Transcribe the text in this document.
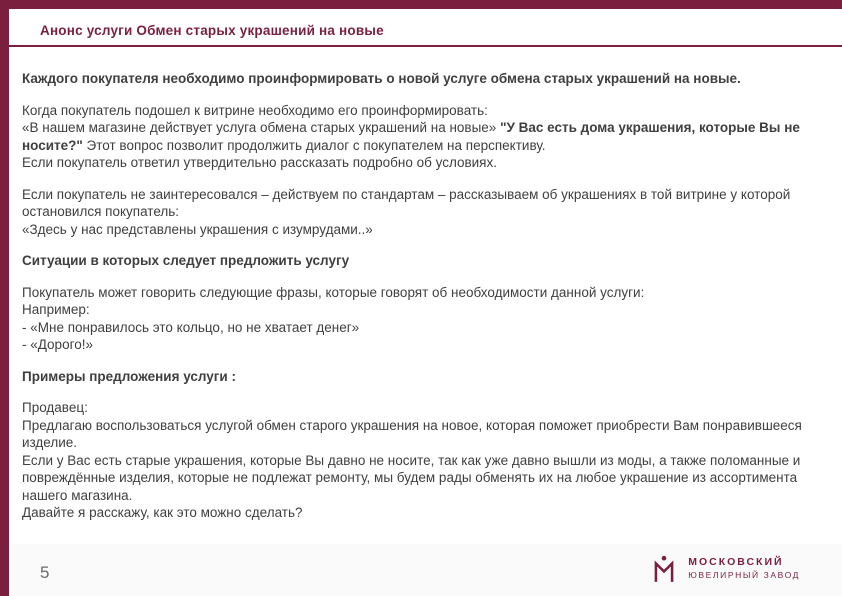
Анонс услуги Обмен старых украшений на новые

Каждого покупателя необходимо проинформировать о новой услуге обмена старых украшений на новые.

Когда покупатель подошел к витрине необходимо его проинформировать:
«В нашем магазине действует услуга обмена старых украшений на новые» "У Вас есть дома украшения, которые Вы не носите?" Этот вопрос позволит продолжить диалог с покупателем на перспективу.
Если покупатель ответил утвердительно рассказать подробно об условиях.

Если покупатель не заинтересовался – действуем по стандартам – рассказываем об украшениях в той витрине у которой остановился покупатель:
«Здесь у нас представлены украшения с изумрудами..»

Ситуации в которых следует предложить услугу

Покупатель может говорить следующие фразы, которые говорят об необходимости данной услуги:
Например:
- «Мне понравилось это кольцо, но не хватает денег»
- «Дорого!»

Примеры предложения услуги :

Продавец:
Предлагаю воспользоваться услугой обмен старого украшения на новое, которая поможет приобрести Вам понравившееся изделие.
Если у Вас есть старые украшения, которые Вы давно не носите, так как уже давно вышли из моды, а также поломанные и повреждённые изделия, которые не подлежат ремонту, мы будем рады обменять их на любое украшение из ассортимента нашего магазина.
Давайте я расскажу, как это можно сделать?

5
МОСКОВСКИЙ
ЮВЕЛИРНЫЙ ЗАВОД
